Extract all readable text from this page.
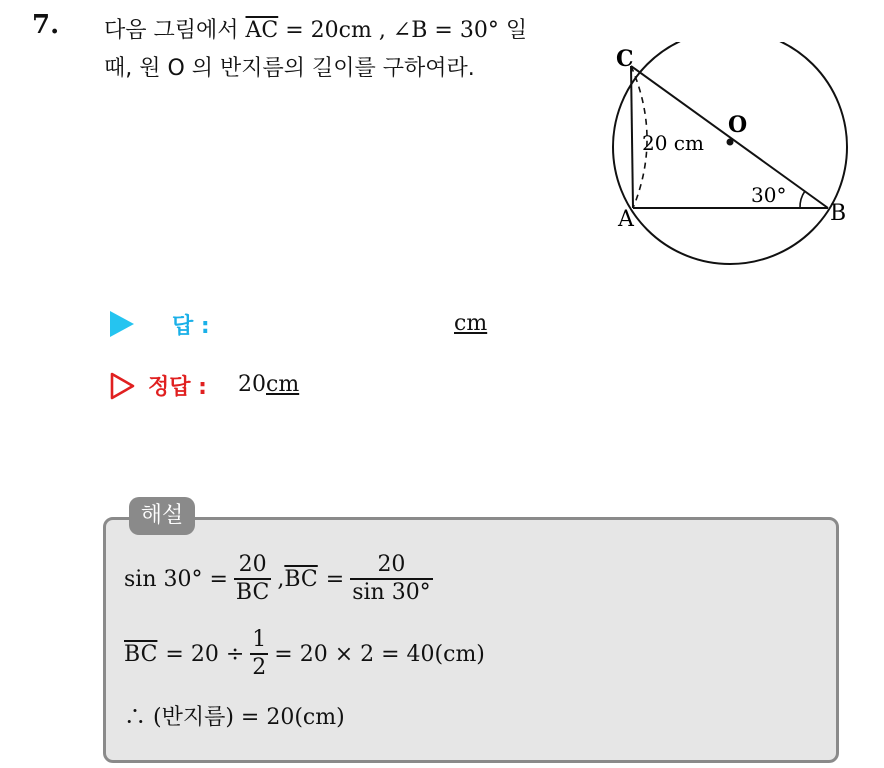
7. 다음 그림에서 $\overline{AC} = 20cm$ , ∠B = 30° 일
때, 원 O 의 반지름의 길이를 구하여라.	C
O
A	B
20 cm
30°
답 :	cm
정답 : 20cm
해설
$\sin 30^\circ = \frac{20}{BC}$ , $\overline{BC} = \frac{20}{\sin 30^\circ}$
$\overline{BC} = 20 \div \frac{1}{2} = 20 \times 2 = 40(cm)$
∴ (반지름) = 20(cm)
